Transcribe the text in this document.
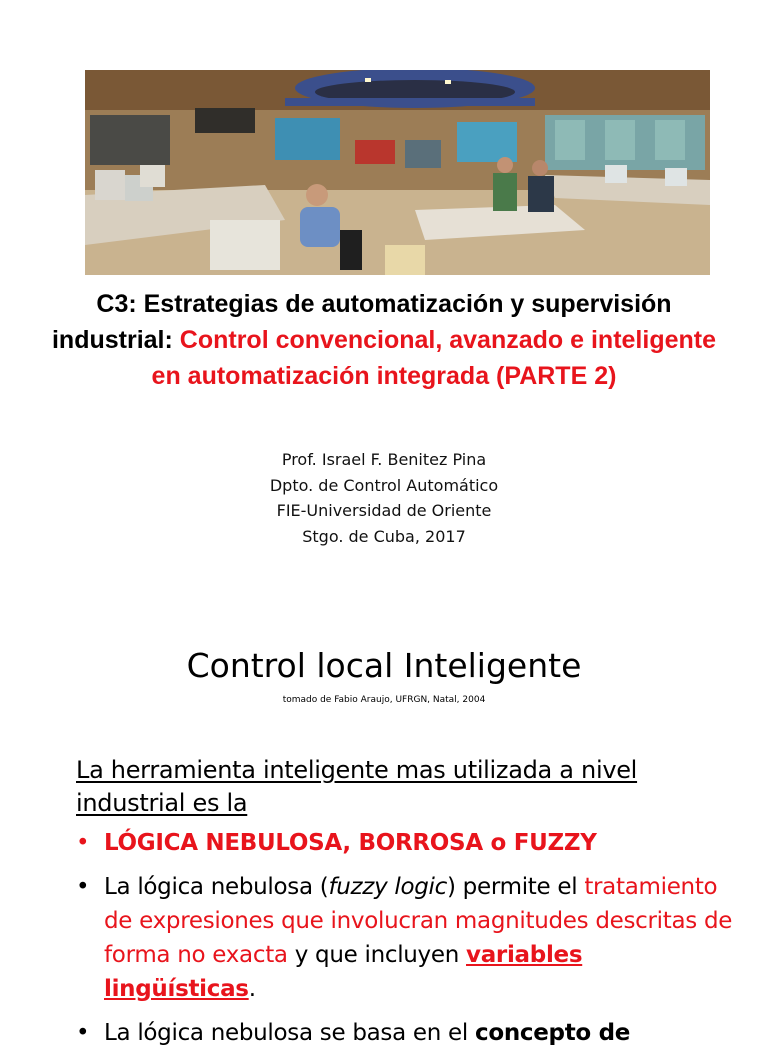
C3: Estrategias de automatización y supervisión industrial: Control convencional, avanzado e inteligente en automatización integrada (PARTE 2)
Prof. Israel F. Benitez Pina
Dpto. de Control Automático
FIE-Universidad de Oriente
Stgo. de Cuba, 2017
Control local Inteligente
tomado de Fabio Araujo, UFRGN, Natal, 2004
La herramienta inteligente mas utilizada a nivel industrial es la
• LÓGICA NEBULOSA, BORROSA o FUZZY
• La lógica nebulosa (fuzzy logic) permite el tratamiento de expresiones que involucran magnitudes descritas de forma no exacta y que incluyen variables lingüísticas.
• La lógica nebulosa se basa en el concepto de
